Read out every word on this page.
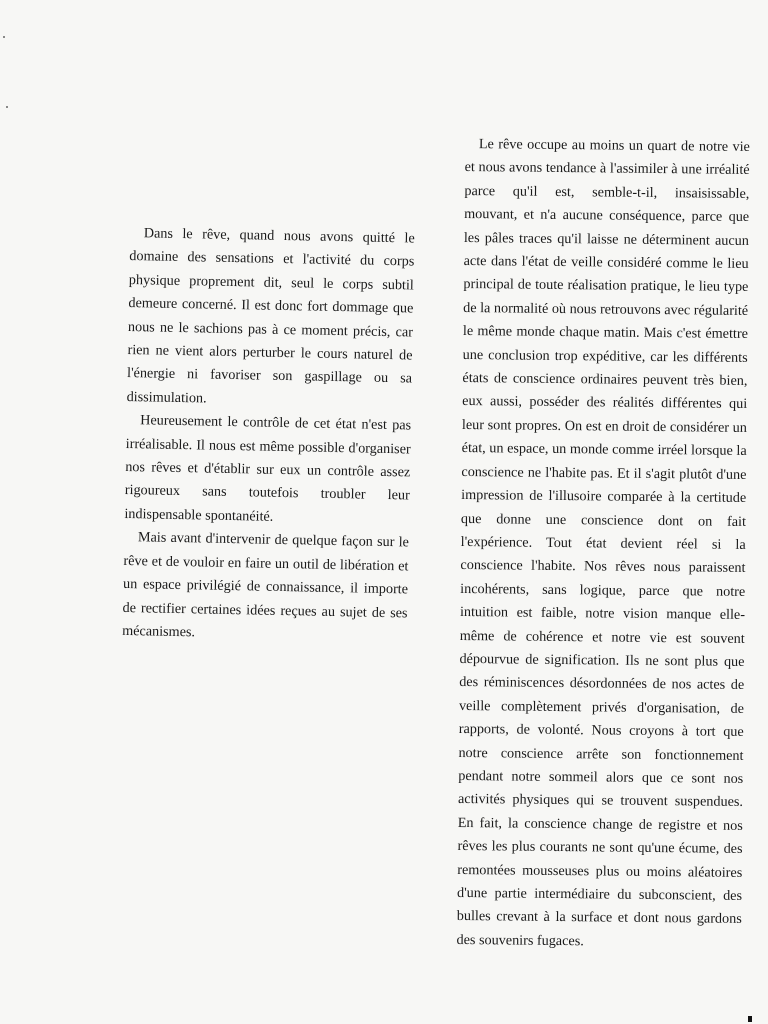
Dans le rêve, quand nous avons quitté le domaine des sensations et l'activité du corps physique proprement dit, seul le corps subtil demeure concerné. Il est donc fort dommage que nous ne le sachions pas à ce moment précis, car rien ne vient alors perturber le cours naturel de l'énergie ni favoriser son gaspillage ou sa dissimulation.

Heureusement le contrôle de cet état n'est pas irréalisable. Il nous est même possible d'organiser nos rêves et d'établir sur eux un contrôle assez rigoureux sans toutefois troubler leur indispensable spontanéité.

Mais avant d'intervenir de quelque façon sur le rêve et de vouloir en faire un outil de libération et un espace privilégié de connaissance, il importe de rectifier certaines idées reçues au sujet de ses mécanismes.

Le rêve occupe au moins un quart de notre vie et nous avons tendance à l'assimiler à une irréalité parce qu'il est, semble-t-il, insaisissable, mouvant, et n'a aucune conséquence, parce que les pâles traces qu'il laisse ne déterminent aucun acte dans l'état de veille considéré comme le lieu principal de toute réalisation pratique, le lieu type de la normalité où nous retrouvons avec régularité le même monde chaque matin. Mais c'est émettre une conclusion trop expéditive, car les différents états de conscience ordinaires peuvent très bien, eux aussi, posséder des réalités différentes qui leur sont propres. On est en droit de considérer un état, un espace, un monde comme irréel lorsque la conscience ne l'habite pas. Et il s'agit plutôt d'une impression de l'illusoire comparée à la certitude que donne une conscience dont on fait l'expérience. Tout état devient réel si la conscience l'habite. Nos rêves nous paraissent incohérents, sans logique, parce que notre intuition est faible, notre vision manque elle-même de cohérence et notre vie est souvent dépourvue de signification. Ils ne sont plus que des réminiscences désordonnées de nos actes de veille complètement privés d'organisation, de rapports, de volonté. Nous croyons à tort que notre conscience arrête son fonctionnement pendant notre sommeil alors que ce sont nos activités physiques qui se trouvent suspendues. En fait, la conscience change de registre et nos rêves les plus courants ne sont qu'une écume, des remontées mousseuses plus ou moins aléatoires d'une partie intermédiaire du subconscient, des bulles crevant à la surface et dont nous gardons des souvenirs fugaces.
